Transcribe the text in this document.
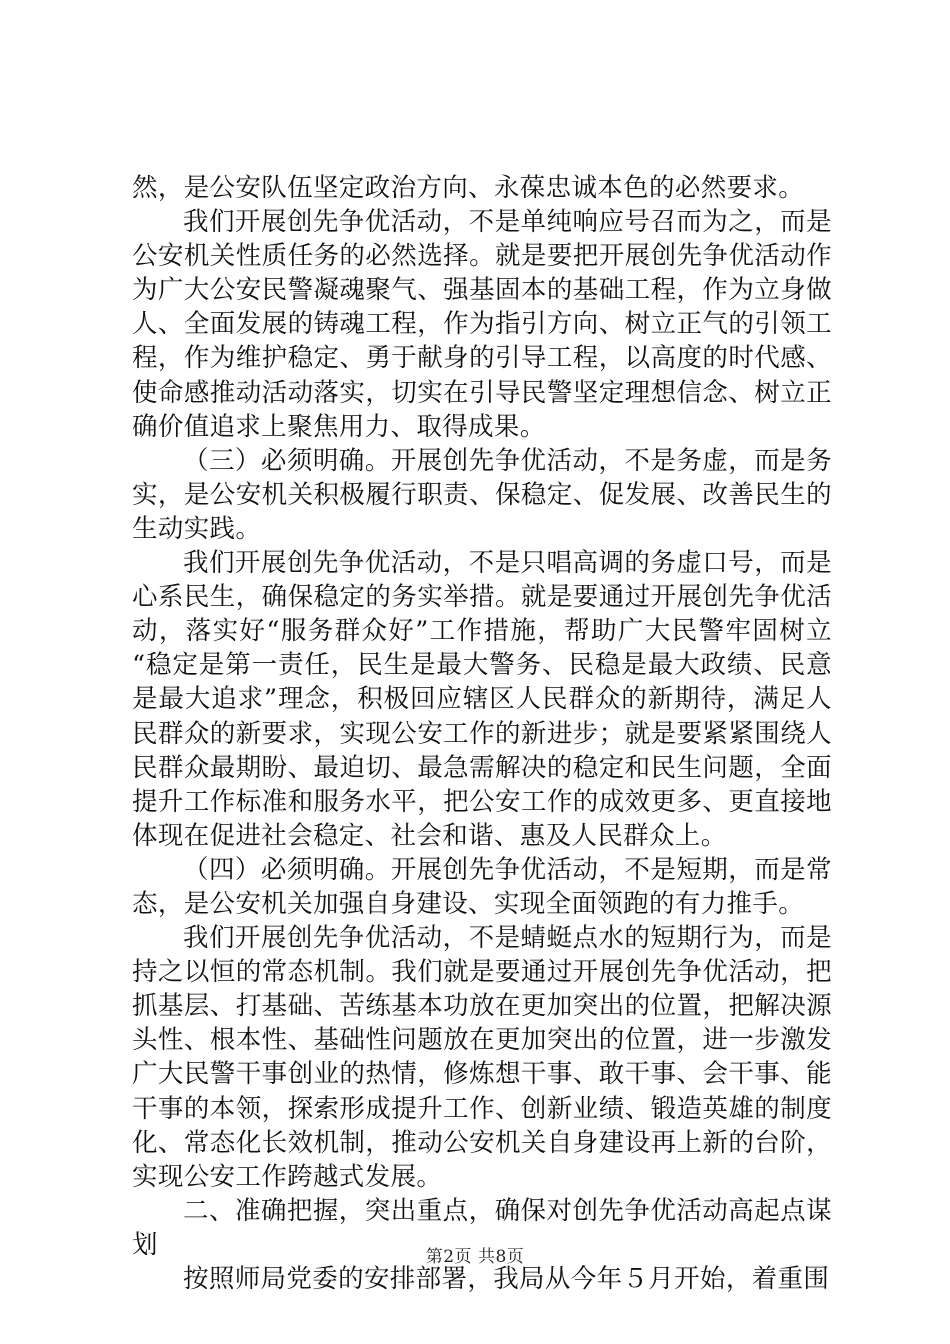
然，是公安队伍坚定政治方向、永葆忠诚本色的必然要求。
我们开展创先争优活动，不是单纯响应号召而为之，而是
公安机关性质任务的必然选择。就是要把开展创先争优活动作
为广大公安民警凝魂聚气、强基固本的基础工程，作为立身做
人、全面发展的铸魂工程，作为指引方向、树立正气的引领工
程，作为维护稳定、勇于献身的引导工程，以高度的时代感、
使命感推动活动落实，切实在引导民警坚定理想信念、树立正
确价值追求上聚焦用力、取得成果。
（三）必须明确。开展创先争优活动，不是务虚，而是务
实，是公安机关积极履行职责、保稳定、促发展、改善民生的
生动实践。
我们开展创先争优活动，不是只唱高调的务虚口号，而是
心系民生，确保稳定的务实举措。就是要通过开展创先争优活
动，落实好“服务群众好”工作措施，帮助广大民警牢固树立
“稳定是第一责任，民生是最大警务、民稳是最大政绩、民意
是最大追求”理念，积极回应辖区人民群众的新期待，满足人
民群众的新要求，实现公安工作的新进步；就是要紧紧围绕人
民群众最期盼、最迫切、最急需解决的稳定和民生问题，全面
提升工作标准和服务水平，把公安工作的成效更多、更直接地
体现在促进社会稳定、社会和谐、惠及人民群众上。
（四）必须明确。开展创先争优活动，不是短期，而是常
态，是公安机关加强自身建设、实现全面领跑的有力推手。
我们开展创先争优活动，不是蜻蜓点水的短期行为，而是
持之以恒的常态机制。我们就是要通过开展创先争优活动，把
抓基层、打基础、苦练基本功放在更加突出的位置，把解决源
头性、根本性、基础性问题放在更加突出的位置，进一步激发
广大民警干事创业的热情，修炼想干事、敢干事、会干事、能
干事的本领，探索形成提升工作、创新业绩、锻造英雄的制度
化、常态化长效机制，推动公安机关自身建设再上新的台阶，
实现公安工作跨越式发展。
二、准确把握，突出重点，确保对创先争优活动高起点谋
划
按照师局党委的安排部署，我局从今年５月开始，着重围
第2页 共8页
